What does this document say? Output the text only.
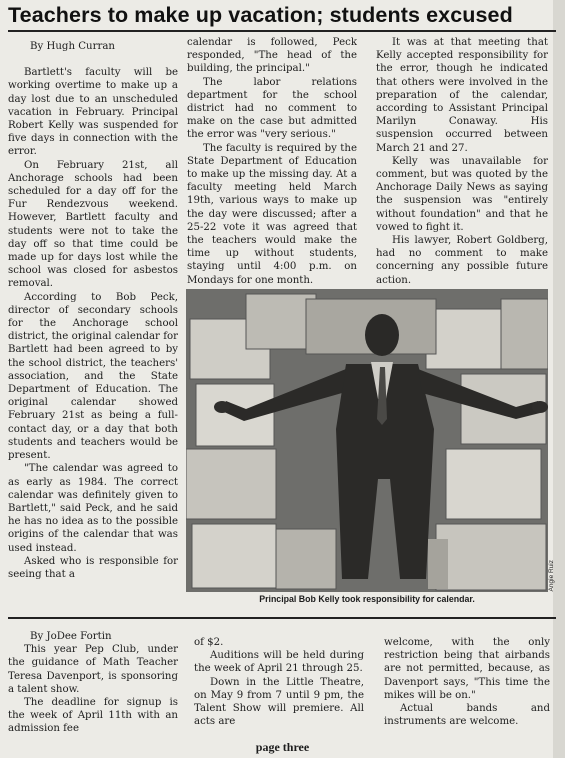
Teachers to make up vacation; students excused

By Hugh Curran

Bartlett's faculty will be working overtime to make up a day lost due to an unscheduled vacation in February. Principal Robert Kelly was suspended for five days in connection with the error.

On February 21st, all Anchorage schools had been scheduled for a day off for the Fur Rendezvous weekend. However, Bartlett faculty and students were not to take the day off so that time could be made up for days lost while the school was closed for asbestos removal.

According to Bob Peck, director of secondary schools for the Anchorage school district, the original calendar for Bartlett had been agreed to by the school district, the teachers' association, and the State Department of Education. The original calendar showed February 21st as being a full-contact day, or a day that both students and teachers would be present.

"The calendar was agreed to as early as 1984. The correct calendar was definitely given to Bartlett," said Peck, and he said he has no idea as to the possible origins of the calendar that was used instead.

Asked who is responsible for seeing that a

calendar is followed, Peck responded, "The head of the building, the principal."

The labor relations department for the school district had no comment to make on the case but admitted the error was "very serious."

The faculty is required by the State Department of Education to make up the missing day. At a faculty meeting held March 19th, various ways to make up the day were discussed; after a 25-22 vote it was agreed that the teachers would make the time up without students, staying until 4:00 p.m. on Mondays for one month.

It was at that meeting that Kelly accepted responsibility for the error, though he indicated that others were involved in the preparation of the calendar, according to Assistant Principal Marilyn Conaway. His suspension occurred between March 21 and 27.

Kelly was unavailable for comment, but was quoted by the Anchorage Daily News as saying the suspension was "entirely without foundation" and that he vowed to fight it.

His lawyer, Robert Goldberg, had no comment to make concerning any possible future action.

Angie Ruiz
Principal Bob Kelly took responsibility for calendar.

By JoDee Fortin

This year Pep Club, under the guidance of Math Teacher Teresa Davenport, is sponsoring a talent show.

The deadline for signup is the week of April 11th with an admission fee

of $2.

Auditions will be held during the week of April 21 through 25.

Down in the Little Theatre, on May 9 from 7 until 9 pm, the Talent Show will premiere. All acts are

welcome, with the only restriction being that airbands are not permitted, because, as Davenport says, "This time the mikes will be on."

Actual bands and instruments are welcome.

page three
